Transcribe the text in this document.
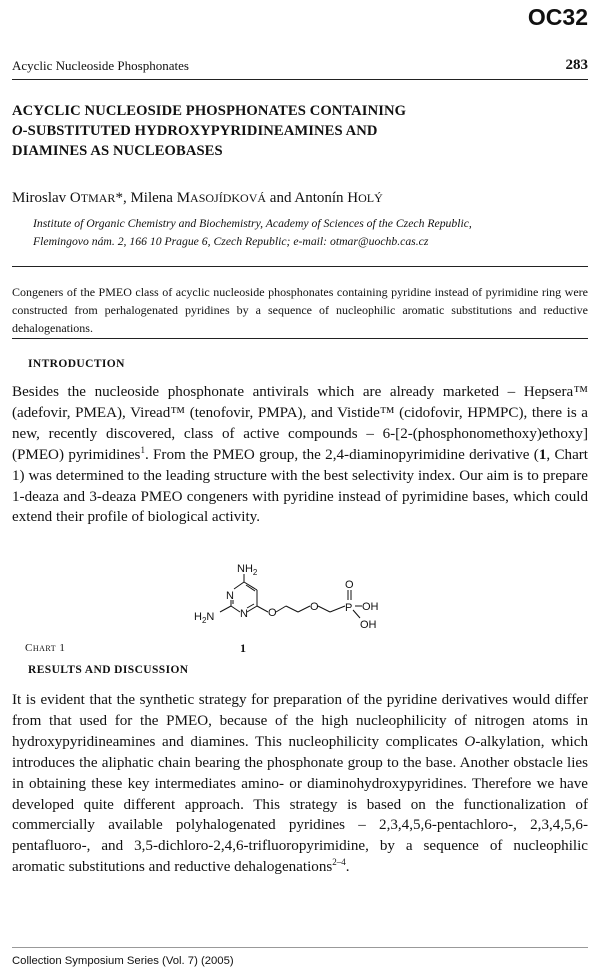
OC32
Acyclic Nucleoside Phosphonates	283
ACYCLIC NUCLEOSIDE PHOSPHONATES CONTAINING
O-SUBSTITUTED HYDROXYPYRIDINEAMINES AND
DIAMINES AS NUCLEOBASES
Miroslav OTMAR*, Milena MASOJÍDKOVÁ and Antonín HOLÝ
Institute of Organic Chemistry and Biochemistry, Academy of Sciences of the Czech Republic,
Flemingovo nám. 2, 166 10 Prague 6, Czech Republic; e-mail: otmar@uochb.cas.cz
Congeners of the PMEO class of acyclic nucleoside phosphonates containing pyridine instead of pyrimidine ring were constructed from perhalogenated pyridines by a sequence of nucleophilic aromatic substitutions and reductive dehalogenations.
INTRODUCTION
Besides the nucleoside phosphonate antivirals which are already marketed – Hepsera™ (adefovir, PMEA), Viread™ (tenofovir, PMPA), and Vistide™ (cidofovir, HPMPC), there is a new, recently discovered, class of active compounds – 6-[2-(phosphonomethoxy)ethoxy] (PMEO) pyrimidines$^1$. From the PMEO group, the 2,4-diaminopyrimidine derivative (1, Chart 1) was determined to the leading structure with the best selectivity index. Our aim is to prepare 1-deaza and 3-deaza PMEO congeners with pyridine instead of pyrimidine bases, which could extend their profile of biological activity.
$NH_2$
N
N
$H_2N$	O	O P
O
OH
OH
Chart 1	1
RESULTS AND DISCUSSION
It is evident that the synthetic strategy for preparation of the pyridine derivatives would differ from that used for the PMEO, because of the high nucleophilicity of nitrogen atoms in hydroxypyridineamines and diamines. This nucleophilicity complicates O-alkylation, which introduces the aliphatic chain bearing the phosphonate group to the base. Another obstacle lies in obtaining these key intermediates amino- or diaminohydroxypyridines. Therefore we have developed quite different approach. This strategy is based on the functionalization of commercially available polyhalogenated pyridines – 2,3,4,5,6-pentachloro-, 2,3,4,5,6-pentafluoro-, and 3,5-dichloro-2,4,6-trifluoropyrimidine, by a sequence of nucleophilic aromatic substitutions and reductive dehalogenations$^{2-4}$.
Collection Symposium Series (Vol. 7) (2005)
